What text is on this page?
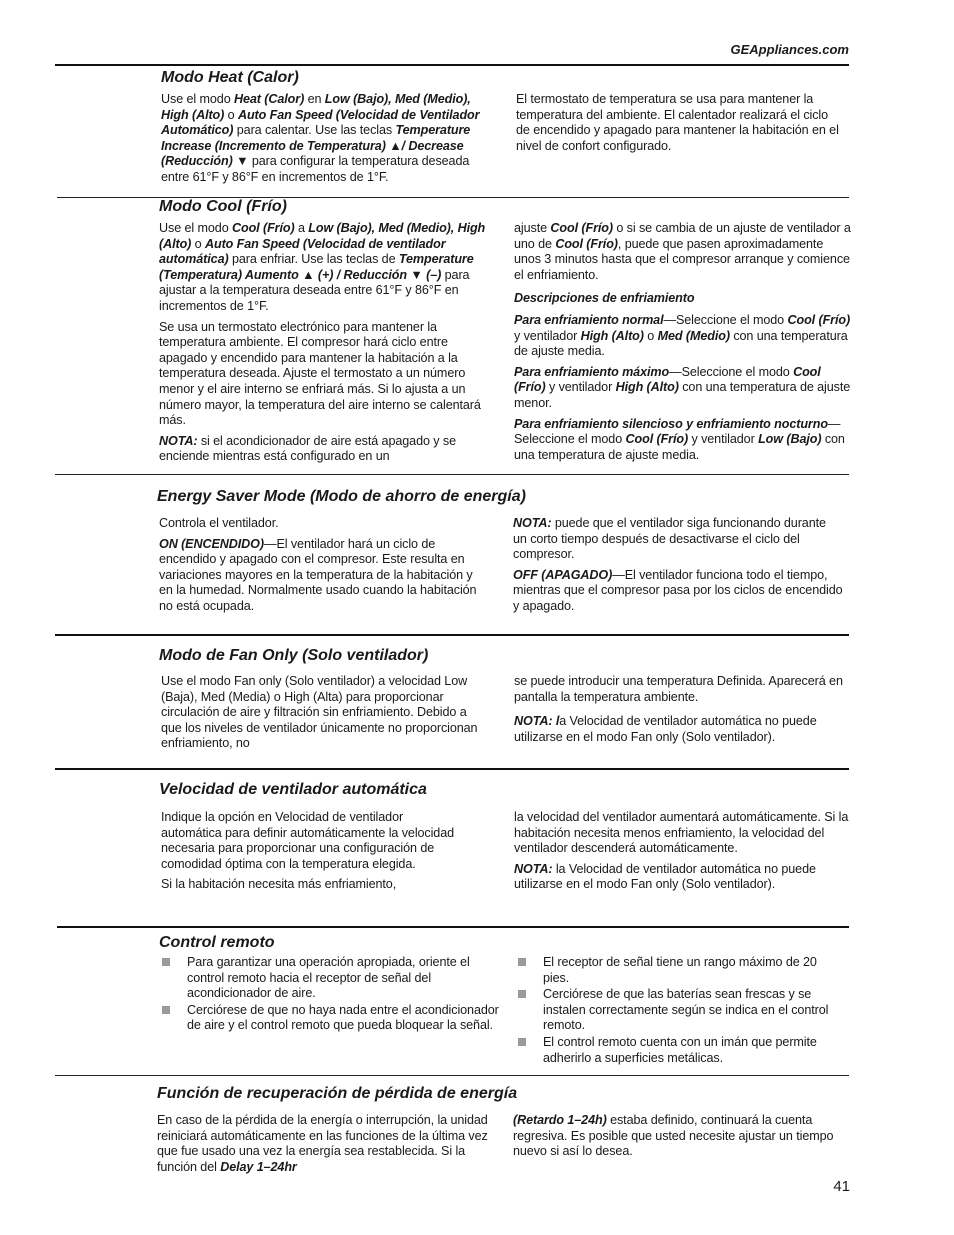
GEAppliances.com
Modo Heat (Calor)
Use el modo Heat (Calor) en Low (Bajo), Med (Medio),
High (Alto) o Auto Fan Speed (Velocidad de Ventilador
Automático) para calentar. Use las teclas Temperature
Increase (Incremento de Temperatura) ▲/ Decrease
(Reducción) ▼ para configurar la temperatura deseada
entre 61°F y 86°F en incrementos de 1°F.

El termostato de temperatura se usa para mantener la temperatura del ambiente. El calentador realizará el ciclo de encendido y apagado para mantener la habitación en el nivel de confort configurado.

Modo Cool (Frío)

Use el modo Cool (Frío) a Low (Bajo), Med (Medio), High (Alto) o Auto Fan Speed (Velocidad de ventilador automática) para enfriar. Use las teclas de Temperature (Temperatura) Aumento ▲ (+) / Reducción ▼ (–) para ajustar a la temperatura deseada entre 61°F y 86°F en incrementos de 1°F.

Se usa un termostato electrónico para mantener la temperatura ambiente. El compresor hará ciclo entre apagado y encendido para mantener la habitación a la temperatura deseada. Ajuste el termostato a un número menor y el aire interno se enfriará más. Si lo ajusta a un número mayor, la temperatura del aire interno se calentará más.

NOTA: si el acondicionador de aire está apagado y se enciende mientras está configurado en un

ajuste Cool (Frío) o si se cambia de un ajuste de ventilador a uno de Cool (Frío), puede que pasen aproximadamente unos 3 minutos hasta que el compresor arranque y comience el enfriamiento.

Descripciones de enfriamiento

Para enfriamiento normal—Seleccione el modo Cool (Frío) y ventilador High (Alto) o Med (Medio) con una temperatura de ajuste media.

Para enfriamiento máximo—Seleccione el modo Cool (Frío) y ventilador High (Alto) con una temperatura de ajuste menor.

Para enfriamiento silencioso y enfriamiento nocturno—Seleccione el modo Cool (Frío) y ventilador Low (Bajo) con una temperatura de ajuste media.

Energy Saver Mode (Modo de ahorro de energía)

Controla el ventilador.

ON (ENCENDIDO)—El ventilador hará un ciclo de encendido y apagado con el compresor. Este resulta en variaciones mayores en la temperatura de la habitación y en la humedad. Normalmente usado cuando la habitación no está ocupada.

NOTA: puede que el ventilador siga funcionando durante un corto tiempo después de desactivarse el ciclo del compresor.

OFF (APAGADO)—El ventilador funciona todo el tiempo, mientras que el compresor pasa por los ciclos de encendido y apagado.

Modo de Fan Only (Solo ventilador)

Use el modo Fan only (Solo ventilador) a velocidad Low (Baja), Med (Media) o High (Alta) para proporcionar circulación de aire y filtración sin enfriamiento. Debido a que los niveles de ventilador únicamente no proporcionan enfriamiento, no

se puede introducir una temperatura Definida. Aparecerá en pantalla la temperatura ambiente.

NOTA: la Velocidad de ventilador automática no puede utilizarse en el modo Fan only (Solo ventilador).

Velocidad de ventilador automática

Indique la opción en Velocidad de ventilador automática para definir automáticamente la velocidad necesaria para proporcionar una configuración de comodidad óptima con la temperatura elegida.

Si la habitación necesita más enfriamiento,

la velocidad del ventilador aumentará automáticamente. Si la habitación necesita menos enfriamiento, la velocidad del ventilador descenderá automáticamente.

NOTA: la Velocidad de ventilador automática no puede utilizarse en el modo Fan only (Solo ventilador).

Control remoto
Para garantizar una operación apropiada, oriente el control remoto hacia el receptor de señal del acondicionador de aire.
Cerciórese de que no haya nada entre el acondicionador de aire y el control remoto que pueda bloquear la señal.
El receptor de señal tiene un rango máximo de 20 pies.
Cerciórese de que las baterías sean frescas y se instalen correctamente según se indica en el control remoto.
El control remoto cuenta con un imán que permite adherirlo a superficies metálicas.
Función de recuperación de pérdida de energía

En caso de la pérdida de la energía o interrupción, la unidad reiniciará automáticamente en las funciones de la última vez que fue usado una vez la energía sea restablecida. Si la función del Delay 1–24hr

(Retardo 1–24h) estaba definido, continuará la cuenta regresiva. Es posible que usted necesite ajustar un tiempo nuevo si así lo desea.

41
